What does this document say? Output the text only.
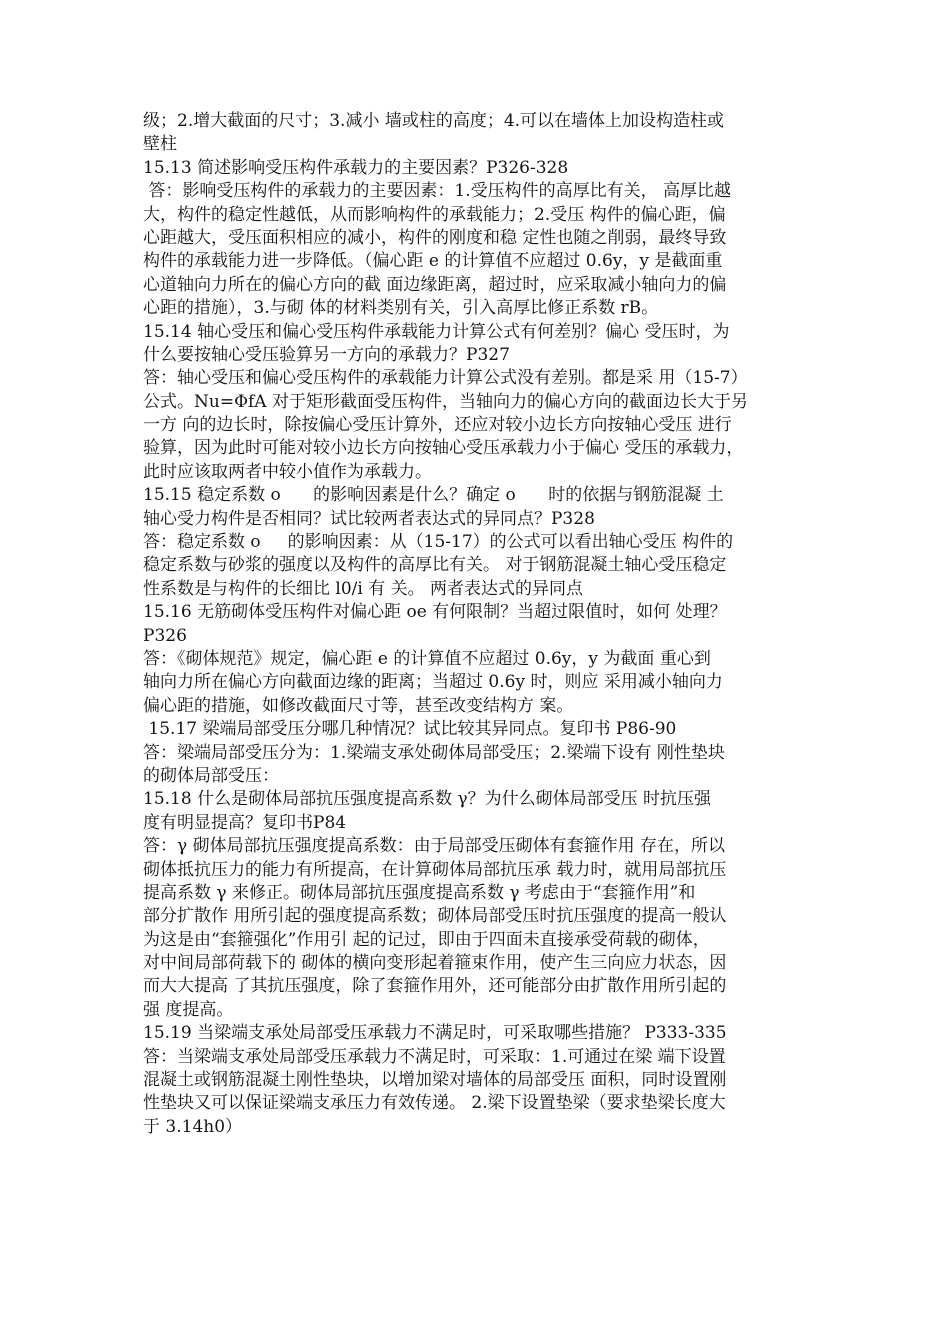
级；2.增大截面的尺寸；3.减小 墙或柱的高度；4.可以在墙体上加设构造柱或
壁柱
15.13 简述影响受压构件承载力的主要因素？P326-328
答：影响受压构件的承载力的主要因素：1.受压构件的高厚比有关， 高厚比越
大，构件的稳定性越低，从而影响构件的承载能力；2.受压 构件的偏心距，偏
心距越大，受压面积相应的减小，构件的刚度和稳 定性也随之削弱，最终导致
构件的承载能力进一步降低。（偏心距 e 的计算值不应超过 0.6y，y 是截面重
心道轴向力所在的偏心方向的截 面边缘距离，超过时，应采取减小轴向力的偏
心距的措施），3.与砌 体的材料类别有关，引入高厚比修正系数 rB。
15.14 轴心受压和偏心受压构件承载能力计算公式有何差别？偏心 受压时，为
什么要按轴心受压验算另一方向的承载力？P327
答：轴心受压和偏心受压构件的承载能力计算公式没有差别。都是采 用（15-7）
公式。Nu=ΦfA 对于矩形截面受压构件，当轴向力的偏心方向的截面边长大于另
一方 向的边长时，除按偏心受压计算外，还应对较小边长方向按轴心受压 进行
验算，因为此时可能对较小边长方向按轴心受压承载力小于偏心 受压的承载力，
此时应该取两者中较小值作为承载力。
15.15 稳定系数 o      的影响因素是什么？确定 o      时的依据与钢筋混凝 土
轴心受力构件是否相同？试比较两者表达式的异同点？P328
答：稳定系数 o     的影响因素：从（15-17）的公式可以看出轴心受压 构件的
稳定系数与砂浆的强度以及构件的高厚比有关。 对于钢筋混凝土轴心受压稳定
性系数是与构件的长细比 l0/i 有 关。 两者表达式的异同点
15.16 无筋砌体受压构件对偏心距 oe 有何限制？当超过限值时，如何 处理？
P326
答：《砌体规范》规定，偏心距 e 的计算值不应超过 0.6y，y 为截面 重心到
轴向力所在偏心方向截面边缘的距离；当超过 0.6y 时，则应 采用减小轴向力
偏心距的措施，如修改截面尺寸等，甚至改变结构方 案。
15.17 梁端局部受压分哪几种情况？试比较其异同点。复印书 P86-90
答：梁端局部受压分为：1.梁端支承处砌体局部受压；2.梁端下设有 刚性垫块
的砌体局部受压：
15.18 什么是砌体局部抗压强度提高系数 γ？为什么砌体局部受压 时抗压强
度有明显提高？复印书P84
答：γ 砌体局部抗压强度提高系数：由于局部受压砌体有套箍作用 存在，所以
砌体抵抗压力的能力有所提高，在计算砌体局部抗压承 载力时，就用局部抗压
提高系数 γ 来修正。砌体局部抗压强度提高系数 γ 考虑由于“套箍作用”和
部分扩散作 用所引起的强度提高系数；砌体局部受压时抗压强度的提高一般认
为这是由“套箍强化”作用引 起的记过，即由于四面未直接承受荷载的砌体，
对中间局部荷载下的 砌体的横向变形起着箍束作用，使产生三向应力状态，因
而大大提高 了其抗压强度，除了套箍作用外，还可能部分由扩散作用所引起的
强 度提高。
15.19 当梁端支承处局部受压承载力不满足时，可采取哪些措施？ P333-335
答：当梁端支承处局部受压承载力不满足时，可采取：1.可通过在梁 端下设置
混凝土或钢筋混凝土刚性垫块，以增加梁对墙体的局部受压 面积，同时设置刚
性垫块又可以保证梁端支承压力有效传递。 2.梁下设置垫梁（要求垫梁长度大
于 3.14h0）
